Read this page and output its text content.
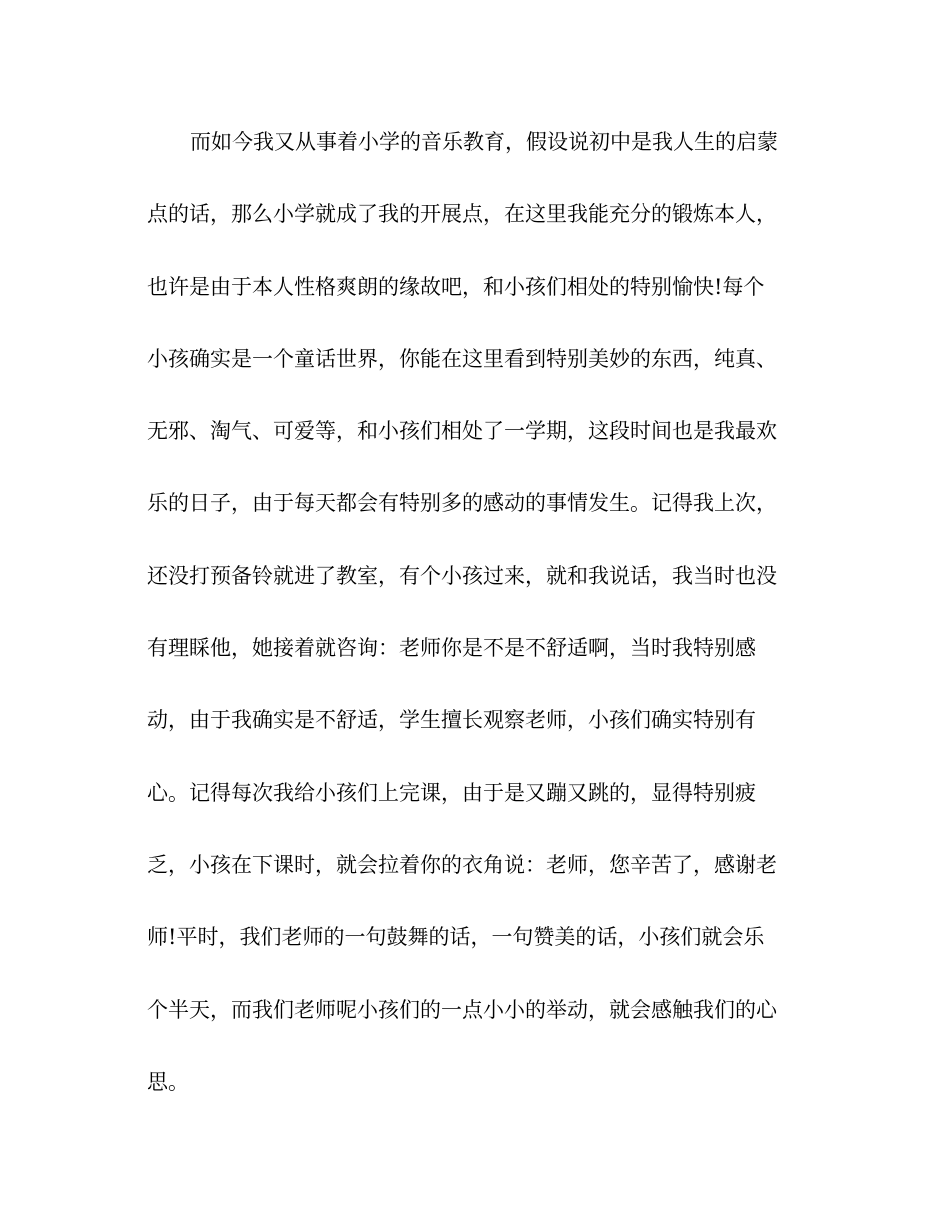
而如今我又从事着小学的音乐教育，假设说初中是我人生的启蒙
点的话，那么小学就成了我的开展点，在这里我能充分的锻炼本人，
也许是由于本人性格爽朗的缘故吧，和小孩们相处的特别愉快!每个
小孩确实是一个童话世界，你能在这里看到特别美妙的东西，纯真、
无邪、淘气、可爱等，和小孩们相处了一学期，这段时间也是我最欢
乐的日子，由于每天都会有特别多的感动的事情发生。记得我上次，
还没打预备铃就进了教室，有个小孩过来，就和我说话，我当时也没
有理睬他，她接着就咨询：老师你是不是不舒适啊，当时我特别感
动，由于我确实是不舒适，学生擅长观察老师，小孩们确实特别有
心。记得每次我给小孩们上完课，由于是又蹦又跳的，显得特别疲
乏，小孩在下课时，就会拉着你的衣角说：老师，您辛苦了，感谢老
师!平时，我们老师的一句鼓舞的话，一句赞美的话，小孩们就会乐
个半天，而我们老师呢小孩们的一点小小的举动，就会感触我们的心
思。
